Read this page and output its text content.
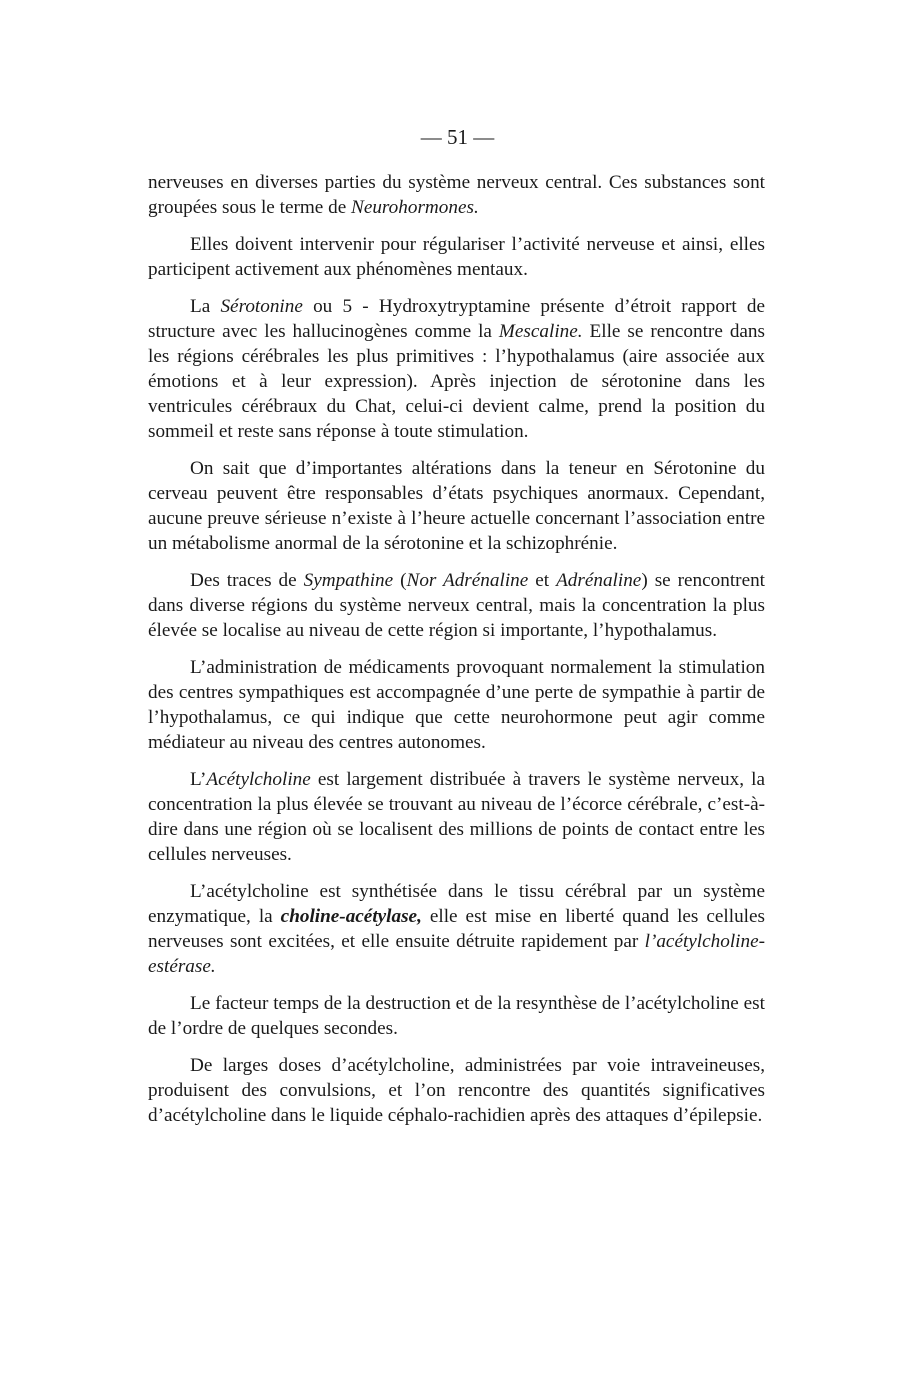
— 51 —

nerveuses en diverses parties du système nerveux central. Ces substances sont groupées sous le terme de Neurohormones.

Elles doivent intervenir pour régulariser l’activité nerveuse et ainsi, elles participent activement aux phénomènes mentaux.

La Sérotonine ou 5 - Hydroxytryptamine présente d’étroit rapport de structure avec les hallucinogènes comme la Mescaline. Elle se rencontre dans les régions cérébrales les plus primitives : l’hypothalamus (aire associée aux émotions et à leur expression). Après injection de sérotonine dans les ventricules cérébraux du Chat, celui-ci devient calme, prend la position du sommeil et reste sans réponse à toute stimulation.

On sait que d’importantes altérations dans la teneur en Sérotonine du cerveau peuvent être responsables d’états psychiques anormaux. Cependant, aucune preuve sérieuse n’existe à l’heure actuelle concernant l’association entre un métabolisme anormal de la sérotonine et la schizophrénie.

Des traces de Sympathine (Nor Adrénaline et Adrénaline) se rencontrent dans diverse régions du système nerveux central, mais la concentration la plus élevée se localise au niveau de cette région si importante, l’hypothalamus.

L’administration de médicaments provoquant normalement la stimulation des centres sympathiques est accompagnée d’une perte de sympathie à partir de l’hypothalamus, ce qui indique que cette neurohormone peut agir comme médiateur au niveau des centres autonomes.

L’Acétylcholine est largement distribuée à travers le système nerveux, la concentration la plus élevée se trouvant au niveau de l’écorce cérébrale, c’est-à-dire dans une région où se localisent des millions de points de contact entre les cellules nerveuses.

L’acétylcholine est synthétisée dans le tissu cérébral par un système enzymatique, la choline-acétylase, elle est mise en liberté quand les cellules nerveuses sont excitées, et elle ensuite détruite rapidement par l’acétylcholine-estérase.

Le facteur temps de la destruction et de la resynthèse de l’acétylcholine est de l’ordre de quelques secondes.

De larges doses d’acétylcholine, administrées par voie intraveineuses, produisent des convulsions, et l’on rencontre des quantités significatives d’acétylcholine dans le liquide céphalo-rachidien après des attaques d’épilepsie.
